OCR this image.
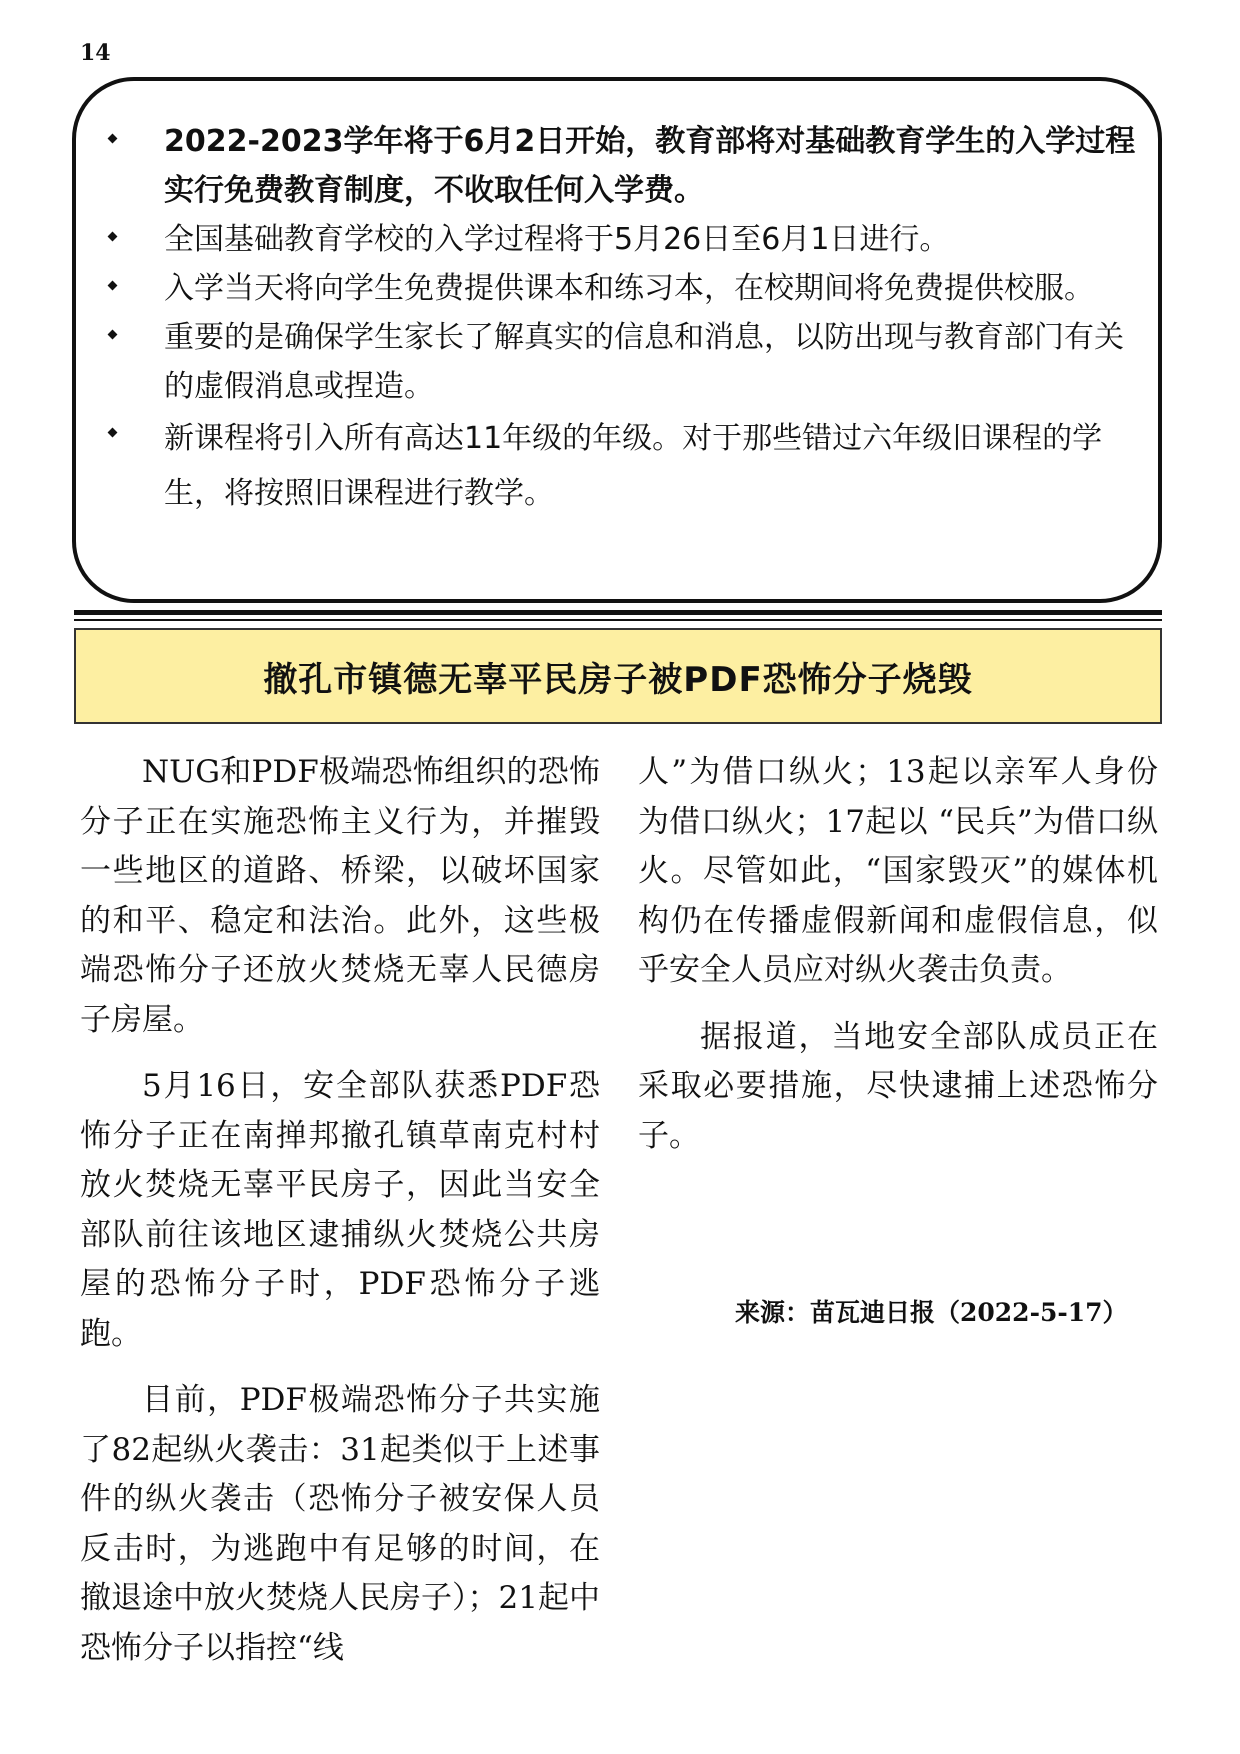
14
2022-2023学年将于6月2日开始，教育部将对基础教育学生的入学过程实行免费教育制度，不收取任何入学费。
全国基础教育学校的入学过程将于5月26日至6月1日进行。
入学当天将向学生免费提供课本和练习本，在校期间将免费提供校服。
重要的是确保学生家长了解真实的信息和消息，以防出现与教育部门有关的虚假消息或捏造。
新课程将引入所有高达11年级的年级。对于那些错过六年级旧课程的学生，将按照旧课程进行教学。
撤孔市镇德无辜平民房子被PDF恐怖分子烧毁

NUG和PDF极端恐怖组织的恐怖分子正在实施恐怖主义行为，并摧毁一些地区的道路、桥梁，以破坏国家的和平、稳定和法治。此外，这些极端恐怖分子还放火焚烧无辜人民德房子房屋。

5月16日，安全部队获悉PDF恐怖分子正在南掸邦撤孔镇草南克村村放火焚烧无辜平民房子，因此当安全部队前往该地区逮捕纵火焚烧公共房屋的恐怖分子时，PDF恐怖分子逃跑。

目前，PDF极端恐怖分子共实施了82起纵火袭击：31起类似于上述事件的纵火袭击（恐怖分子被安保人员反击时，为逃跑中有足够的时间，在撤退途中放火焚烧人民房子）；21起中恐怖分子以指控“线

人”为借口纵火；13起以亲军人身份为借口纵火；17起以 “民兵”为借口纵火。尽管如此，“国家毁灭”的媒体机构仍在传播虚假新闻和虚假信息，似乎安全人员应对纵火袭击负责。

据报道，当地安全部队成员正在采取必要措施，尽快逮捕上述恐怖分子。

来源：苗瓦迪日报（2022-5-17）
